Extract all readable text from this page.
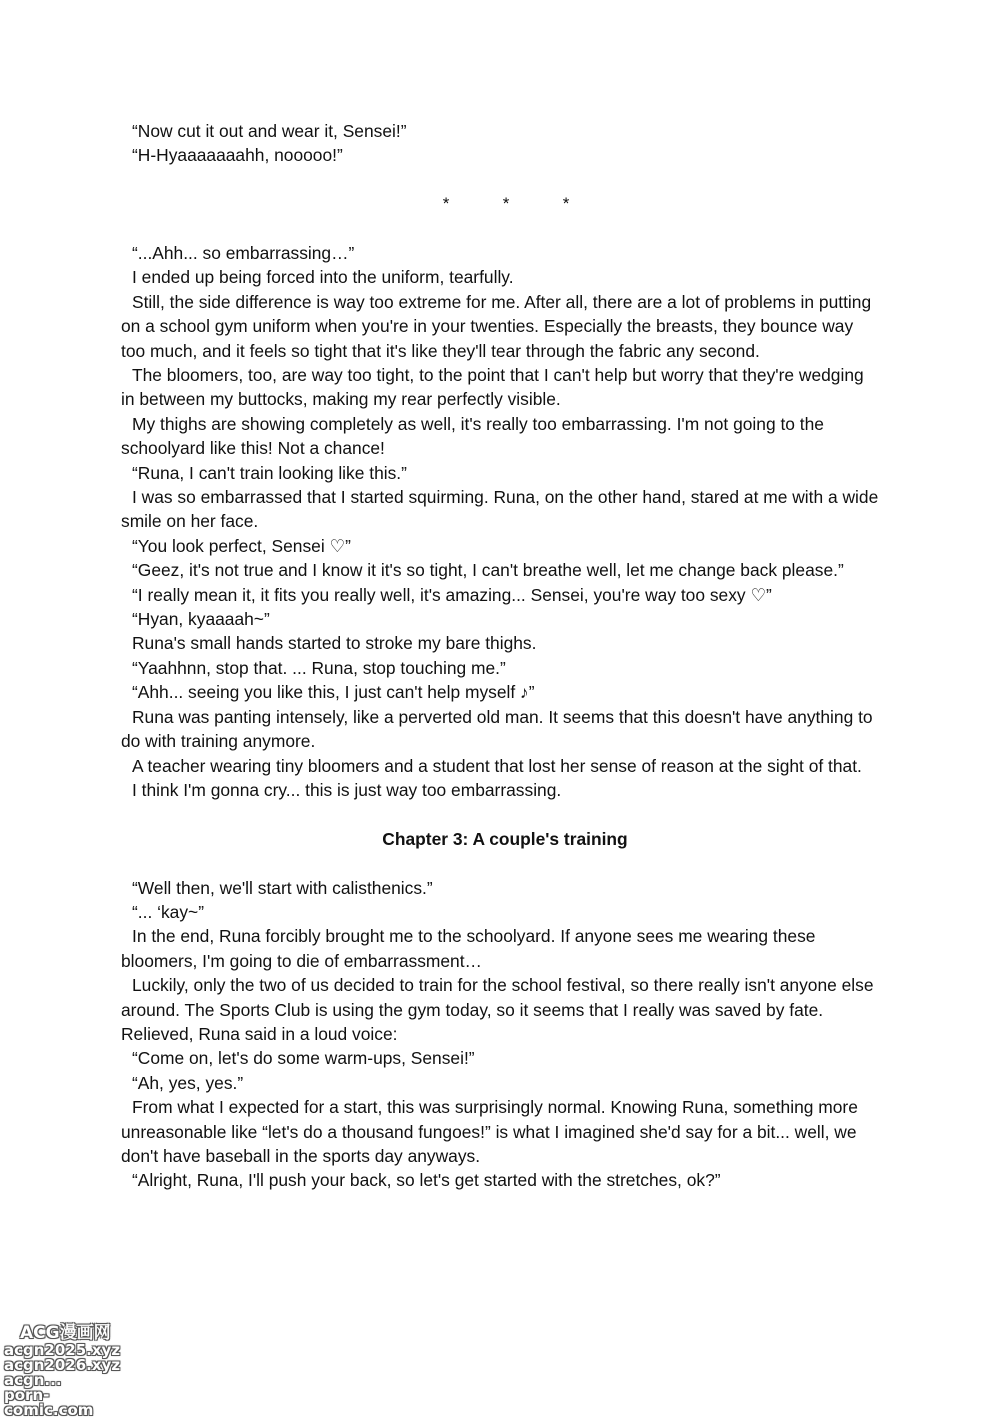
“Now cut it out and wear it, Sensei!”

“H-Hyaaaaaaahh, nooooo!”

*	*	*

“...Ahh... so embarrassing…”

I ended up being forced into the uniform, tearfully.

Still, the side difference is way too extreme for me. After all, there are a lot of problems in putting on a school gym uniform when you're in your twenties. Especially the breasts, they bounce way too much, and it feels so tight that it's like they'll tear through the fabric any second.

The bloomers, too, are way too tight, to the point that I can't help but worry that they're wedging in between my buttocks, making my rear perfectly visible.

My thighs are showing completely as well, it's really too embarrassing. I'm not going to the schoolyard like this! Not a chance!

“Runa, I can't train looking like this.”

I was so embarrassed that I started squirming. Runa, on the other hand, stared at me with a wide smile on her face.

“You look perfect, Sensei ♡”

“Geez, it's not true and I know it it's so tight, I can't breathe well, let me change back please.”

“I really mean it, it fits you really well, it's amazing... Sensei, you're way too sexy ♡”

“Hyan, kyaaaah~”

Runa's small hands started to stroke my bare thighs.

“Yaahhnn, stop that. ... Runa, stop touching me.”

“Ahh... seeing you like this, I just can't help myself ♪”

Runa was panting intensely, like a perverted old man. It seems that this doesn't have anything to do with training anymore.

A teacher wearing tiny bloomers and a student that lost her sense of reason at the sight of that.

I think I'm gonna cry... this is just way too embarrassing.

Chapter 3: A couple's training

“Well then, we'll start with calisthenics.”

“... ‘kay~”

In the end, Runa forcibly brought me to the schoolyard. If anyone sees me wearing these bloomers, I'm going to die of embarrassment…

Luckily, only the two of us decided to train for the school festival, so there really isn't anyone else around. The Sports Club is using the gym today, so it seems that I really was saved by fate. Relieved, Runa said in a loud voice:

“Come on, let's do some warm-ups, Sensei!”

“Ah, yes, yes.”

From what I expected for a start, this was surprisingly normal. Knowing Runa, something more unreasonable like “let's do a thousand fungoes!” is what I imagined she'd say for a bit... well, we don't have baseball in the sports day anyways.

“Alright, Runa, I'll push your back, so let's get started with the stretches, ok?”

ACG漫画网
acgn2025.xyz
acgn2026.xyz
acgn...
porn-comic.com
